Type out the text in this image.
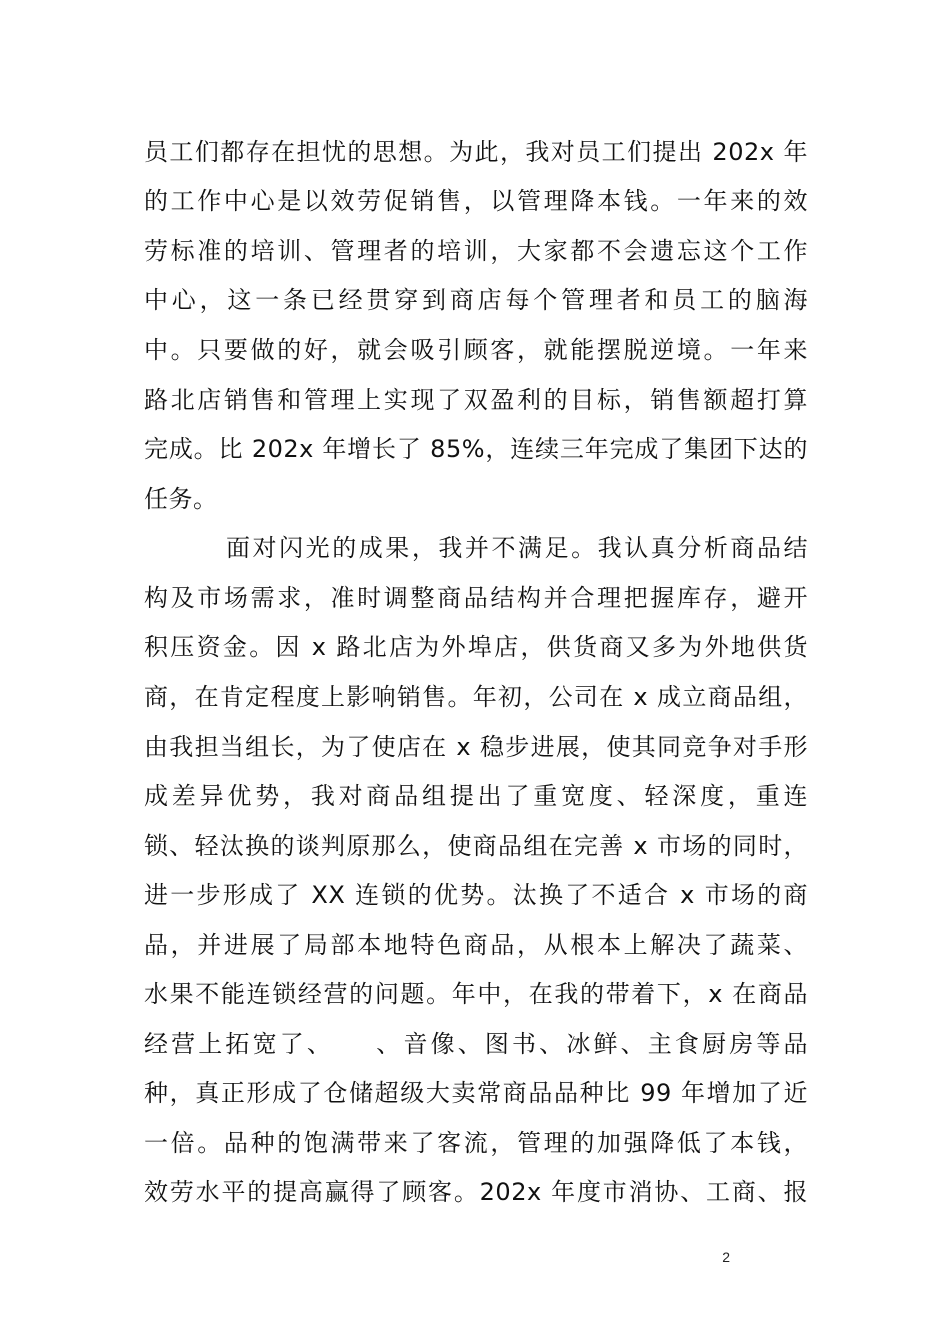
员工们都存在担忧的思想。为此，我对员工们提出 202x 年
的工作中心是以效劳促销售，以管理降本钱。一年来的效
劳标准的培训、管理者的培训，大家都不会遗忘这个工作
中心，这一条已经贯穿到商店每个管理者和员工的脑海
中。只要做的好，就会吸引顾客，就能摆脱逆境。一年来
路北店销售和管理上实现了双盈利的目标，销售额超打算
完成。比 202x 年增长了 85%，连续三年完成了集团下达的
任务。
面对闪光的成果，我并不满足。我认真分析商品结
构及市场需求，准时调整商品结构并合理把握库存，避开
积压资金。因 x 路北店为外埠店，供货商又多为外地供货
商，在肯定程度上影响销售。年初，公司在 x 成立商品组，
由我担当组长，为了使店在 x 稳步进展，使其同竞争对手形
成差异优势，我对商品组提出了重宽度、轻深度，重连
锁、轻汰换的谈判原那么，使商品组在完善 x 市场的同时，
进一步形成了 XX 连锁的优势。汰换了不适合 x 市场的商
品，并进展了局部本地特色商品，从根本上解决了蔬菜、
水果不能连锁经营的问题。年中，在我的带着下，x 在商品
经营上拓宽了、　　、音像、图书、冰鲜、主食厨房等品
种，真正形成了仓储超级大卖常商品品种比 99 年增加了近
一倍。品种的饱满带来了客流，管理的加强降低了本钱，
效劳水平的提高赢得了顾客。202x 年度市消协、工商、报
2
